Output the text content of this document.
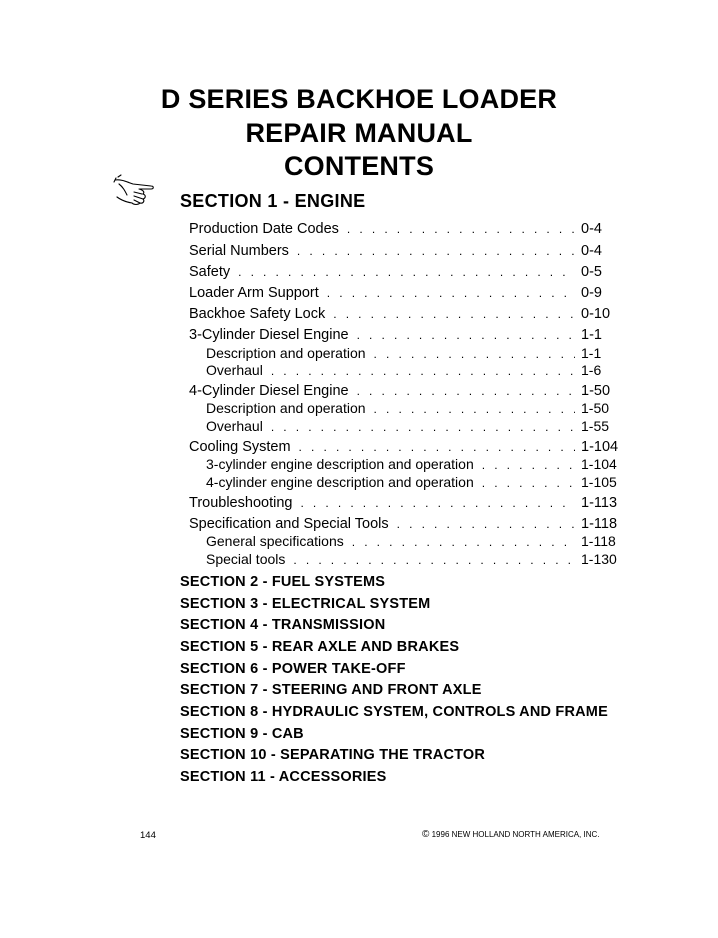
D SERIES BACKHOE LOADER
REPAIR MANUAL
CONTENTS
SECTION 1 - ENGINE
Production Date Codes . . .	0-4
Serial Numbers . . .	0-4
Safety . . .	0-5
Loader Arm Support . . .	0-9
Backhoe Safety Lock . . .	0-10
3-Cylinder Diesel Engine . . .	1-1
Description and operation . . .	1-1
Overhaul . . .	1-6
4-Cylinder Diesel Engine . . .	1-50
Description and operation . . .	1-50
Overhaul . . .	1-55
Cooling System . . .	1-104
3-cylinder engine description and operation . . .	1-104
4-cylinder engine description and operation . . .	1-105
Troubleshooting . . .	1-113
Specification and Special Tools . . .	1-118
General specifications . . .	1-118
Special tools . . .	1-130
SECTION 2 - FUEL SYSTEMS
SECTION 3 - ELECTRICAL SYSTEM
SECTION 4 - TRANSMISSION
SECTION 5 - REAR AXLE AND BRAKES
SECTION 6 - POWER TAKE-OFF
SECTION 7 - STEERING AND FRONT AXLE
SECTION 8 - HYDRAULIC SYSTEM, CONTROLS AND FRAME
SECTION 9 - CAB
SECTION 10 - SEPARATING THE TRACTOR
SECTION 11 - ACCESSORIES
144	© 1996 NEW HOLLAND NORTH AMERICA, INC.
